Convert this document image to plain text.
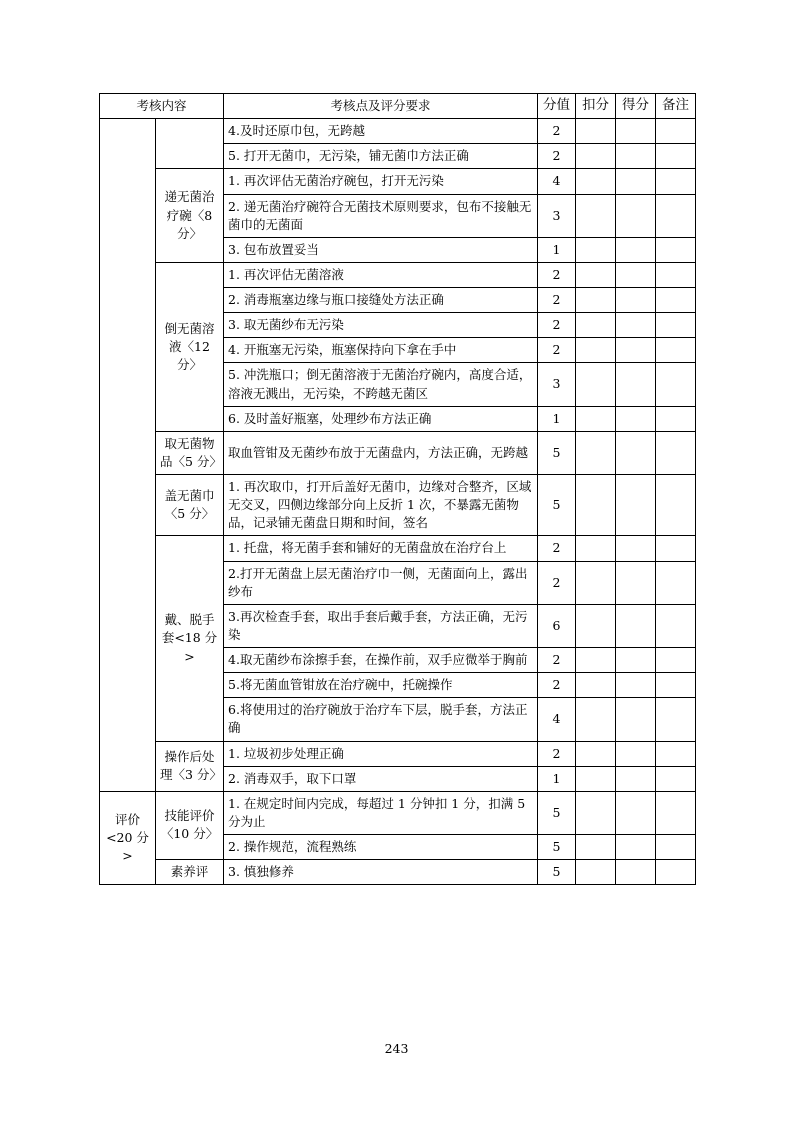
考核内容		考核点及评分要求	分值	扣分	得分	备注
		4.及时还原巾包，无跨越	2			
		5. 打开无菌巾，无污染，铺无菌巾方法正确	2			
	递无菌治疗碗〈8 分〉	1. 再次评估无菌治疗碗包，打开无污染	4			
		2. 递无菌治疗碗符合无菌技术原则要求，包布不接触无菌巾的无菌面	3			
		3. 包布放置妥当	1			
	倒无菌溶液〈12 分〉	1. 再次评估无菌溶液	2			
		2. 消毒瓶塞边缘与瓶口接缝处方法正确	2			
		3. 取无菌纱布无污染	2			
		4. 开瓶塞无污染，瓶塞保持向下拿在手中	2			
		5. 冲洗瓶口；倒无菌溶液于无菌治疗碗内，高度合适，溶液无溅出，无污染，不跨越无菌区	3			
		6. 及时盖好瓶塞，处理纱布方法正确	1			
	取无菌物品〈5 分〉	取血管钳及无菌纱布放于无菌盘内，方法正确，无跨越	5			
	盖无菌巾〈5 分〉	1. 再次取巾，打开后盖好无菌巾，边缘对合整齐，区域无交叉，四侧边缘部分向上反折 1 次，不暴露无菌物品，记录铺无菌盘日期和时间，签名	5			
	戴、脱手套<18 分>	1. 托盘，将无菌手套和铺好的无菌盘放在治疗台上	2			
		2.打开无菌盘上层无菌治疗巾一侧，无菌面向上，露出纱布	2			
		3.再次检查手套，取出手套后戴手套，方法正确，无污染	6			
		4.取无菌纱布涂擦手套，在操作前，双手应微举于胸前	2			
		5.将无菌血管钳放在治疗碗中，托碗操作	2			
		6.将使用过的治疗碗放于治疗车下层，脱手套，方法正确	4			
	操作后处理〈3 分〉	1. 垃圾初步处理正确	2			
		2. 消毒双手，取下口罩	1			
评价<20 分>	技能评价〈10 分〉	1. 在规定时间内完成，每超过 1 分钟扣 1 分，扣满 5 分为止	5			
		2. 操作规范，流程熟练	5			
	素养评	3. 慎独修养	5			
243
